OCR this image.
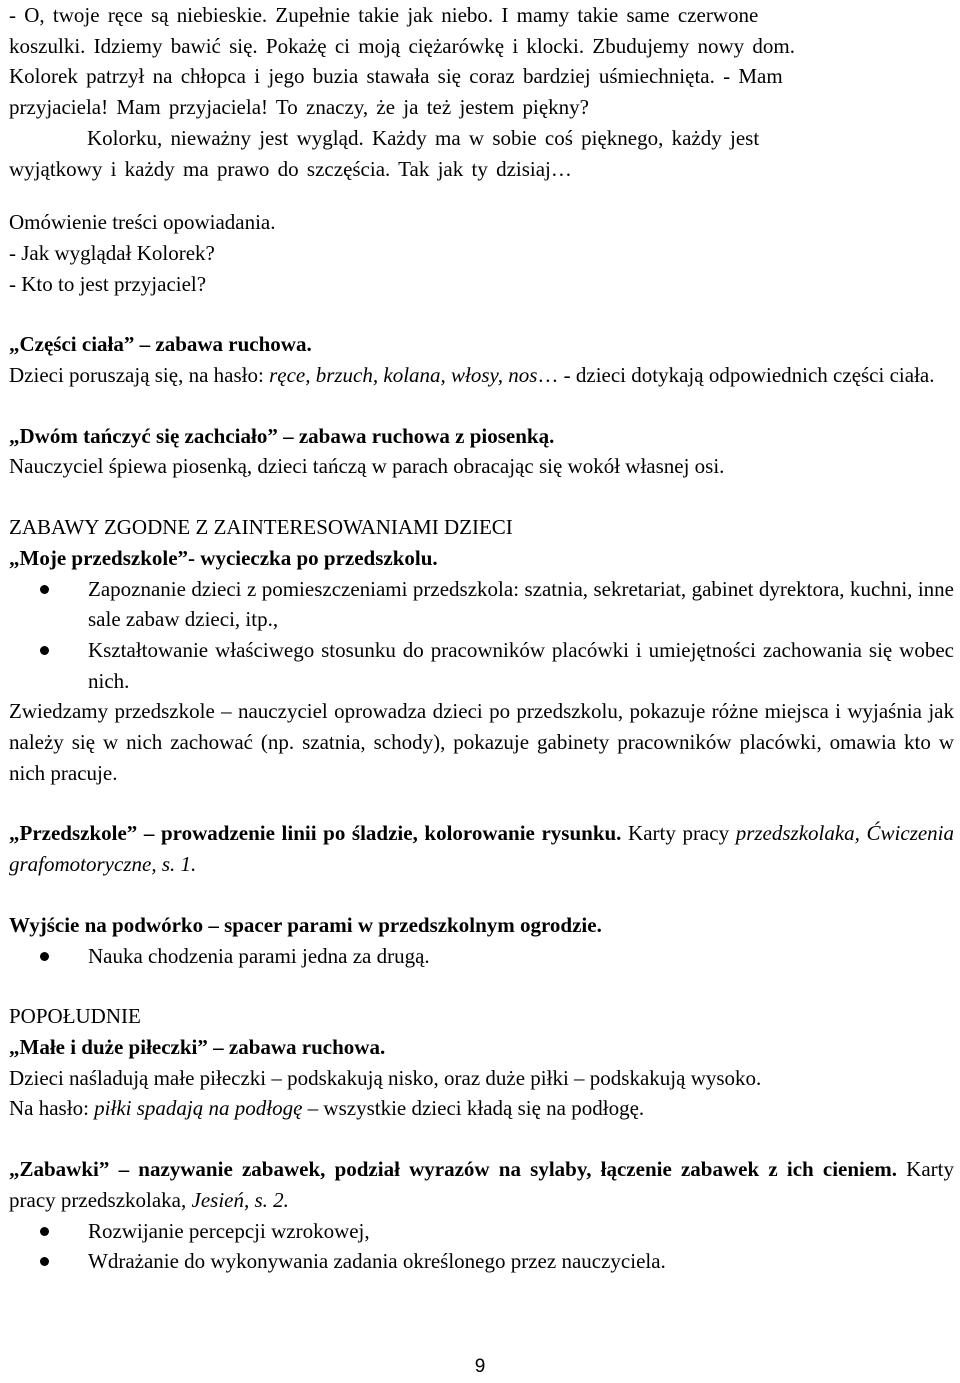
- O, twoje ręce są niebieskie. Zupełnie takie jak niebo. I mamy takie same czerwone

koszulki. Idziemy bawić się. Pokażę ci moją ciężarówkę i klocki. Zbudujemy nowy dom.

Kolorek patrzył na chłopca i jego buzia stawała się coraz bardziej uśmiechnięta. - Mam

przyjaciela! Mam przyjaciela! To znaczy, że ja też jestem piękny?

Kolorku, nieważny jest wygląd. Każdy ma w sobie coś pięknego, każdy jest

wyjątkowy i każdy ma prawo do szczęścia. Tak jak ty dzisiaj…

Omówienie treści opowiadania.

- Jak wyglądał Kolorek?

- Kto to jest przyjaciel?

„Części ciała” – zabawa ruchowa.

Dzieci poruszają się, na hasło: ręce, brzuch, kolana, włosy, nos… - dzieci dotykają odpowiednich części ciała.

„Dwóm tańczyć się zachciało” – zabawa ruchowa z piosenką.

Nauczyciel śpiewa piosenką, dzieci tańczą w parach obracając się wokół własnej osi.

ZABAWY ZGODNE Z ZAINTERESOWANIAMI DZIECI

„Moje przedszkole”- wycieczka po przedszkolu.

Zapoznanie dzieci z pomieszczeniami przedszkola: szatnia, sekretariat, gabinet dyrektora, kuchni, inne sale zabaw dzieci, itp.,
Kształtowanie właściwego stosunku do pracowników placówki i umiejętności zachowania się wobec nich.

Zwiedzamy przedszkole – nauczyciel oprowadza dzieci po przedszkolu, pokazuje różne miejsca i wyjaśnia jak należy się w nich zachować (np. szatnia, schody), pokazuje gabinety pracowników placówki, omawia kto w nich pracuje.

„Przedszkole” – prowadzenie linii po śladzie, kolorowanie rysunku. Karty pracy przedszkolaka, Ćwiczenia grafomotoryczne, s. 1.

Wyjście na podwórko – spacer parami w przedszkolnym ogrodzie.

Nauka chodzenia parami jedna za drugą.

POPOŁUDNIE

„Małe i duże piłeczki” – zabawa ruchowa.

Dzieci naśladują małe piłeczki – podskakują nisko, oraz duże piłki – podskakują wysoko.

Na hasło: piłki spadają na podłogę – wszystkie dzieci kładą się na podłogę.

„Zabawki” – nazywanie zabawek, podział wyrazów na sylaby, łączenie zabawek z ich cieniem. Karty pracy przedszkolaka, Jesień, s. 2.

Rozwijanie percepcji wzrokowej,
Wdrażanie do wykonywania zadania określonego przez nauczyciela.
9
